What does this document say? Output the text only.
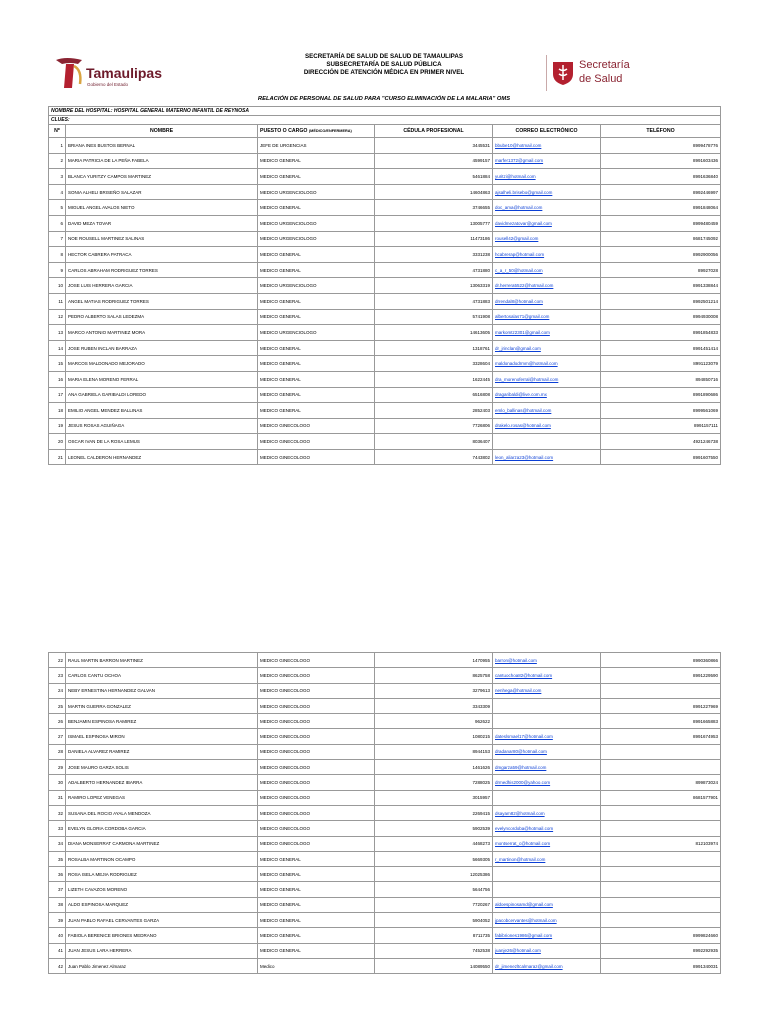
Tamaulipas
Gobierno del Estado
SECRETARÍA DE SALUD DE SALUD DE TAMAULIPAS
SUBSECRETARÍA DE SALUD PÚBLICA
DIRECCIÓN DE ATENCIÓN MÉDICA EN PRIMER NIVEL
Secretaría
de Salud
RELACIÓN DE PERSONAL DE SALUD PARA "CURSO ELIMINACIÓN DE LA MALARIA" OMS
NOMBRE DEL HOSPITAL: HOSPITAL GENERAL MATERNO INFANTIL DE REYNOSA					
CLUES:					
Nº	NOMBRE	PUESTO O CARGO (MÉDICO/ENFERMERA)	CÉDULA PROFESIONAL	CORREO ELECTRÓNICO	TELÉFONO
1	BRIANA INES BUSTOS BERNAL	JEFE DE URGENCIAS	3445531	bbube10@hotmail.com	8999478776
2	MARIA PATRICIA DE LA PEÑA FABELA	MEDICO GENERAL	4599157	marfer1372@gmail.com	8991603436
3	BLANCA YURITZY CAMPOS MARTINEZ	MEDICO GENERAL	5461884	yuritzi@hotmail.com	8991636840
4	SONIA ALHELI BRISEÑO SALAZAR	MEDICO URGENCIOLOGO	14604863	ajsalheli.brisebo@gmail.com	8992446997
5	MIGUEL ANGEL AVALOS NIETO	MEDICO GENERAL	3746655	doc_ama@hotmail.com	8991848064
6	DAVID MEZA TOVAR	MEDICO URGENCIOLOGO	13005777	davidmezatovar@gmail.com	8999480459
7	NOE ROUSELL MARTINEZ SALINAS	MEDICO URGENCIOLOGO	11473186	rousell42@gmail.com	8681745092
8	HECTOR CABRERA PATRACA	MEDICO GENERAL	3331238	hcabrerap@hotmail.com	8992900056
9	CARLOS ABRAHAM RODRIGUEZ TORRES	MEDICO GENERAL	4731880	c_a_r_50@hotmail.com	89927028
10	JOSE LUIS HERRERA GARCIA	MEDICO URGENCIOLOGO	13063319	dr.herrera5522@hotmail.com	8991338844
11	ANGEL MATIAS RODRIGUEZ TORRES	MEDICO GENERAL	4731883	drrendal8@hotmail.com	8992501214
12	PEDRO ALBERTO SALAS LEDEZMA	MEDICO GENERAL	5741908	albertosalas71@gmail.com	8994930008
13	MARCO ANTONIO MARTINEZ MORA	MEDICO URGENCIOLOGO	14613605	markomtz2301@gmail.com	8991854833
14	JOSE RUBEN INCLAN BARRAZA	MEDICO GENERAL	1318761	dr_jrinclan@gmail.com	8991451414
15	MARCOS MALDONADO MEJORADO	MEDICO GENERAL	3328604	maldonadodrmm@hotmail.com	8991123079
16	MARIA ELENA MORENO FERRAL	MEDICO GENERAL	1622445	dra_morenoferral@hotmail.com	894850716
17	ANA GABRIELA GARIBALDI LOREDO	MEDICO GENERAL	6516808	dragaribaldi@live.com.mx	8991890686
18	EMILIO ANGEL MENDEZ BALLINAS	MEDICO GENERAL	2852403	emlo_ballinas@hotmail.com	8999561069
19	JESUS ROSAS AGUIÑAGA	MEDICO GINECOLOGO	7726806	drakelo.rosas@hotmail.com	8991157111
20	OSCAR IVAN DE LA ROSA LEMUS	MEDICO GINECOLOGO	8036407		4921246738
21	LEONEL CALDERON HERNANDEZ	MEDICO GINECOLOGO	7443802	leon_aliarza23@hotmail.com	8991607550
22	RAUL MARTIN BARRON MARTINEZ	MEDICO GINECOLOGO	1470955	barron@hotmail.com	8990360866
23	CARLOS CANTU OCHOA	MEDICO GINECOLOGO	8625758	cantuochoa82@hotmail.com	8991229590
24	NEBY ERNESTINA HERNANDEZ GALVAN	MEDICO GINECOLOGO	3279613	nenhega@hotmail.com	
25	MARTIN GUERRA GONZALEZ	MEDICO GINECOLOGO	3343309		8991227969
26	BENJAMIN ESPINOSA RAMIREZ	MEDICO GINECOLOGO	962622		8991665883
27	ISMAEL ESPINOSA MIRON	MEDICO GINECOLOGO	1080215	dateslsmael17@hotmail.com	8991674953
28	DANIELA ALVAREZ RAMIREZ	MEDICO GINECOLOGO	8944153	dradanar80@hotmail.com	
29	JOSE MAURO GARZA SOLIS	MEDICO GINECOLOGO	1461626	dmgarza59@hotmail.com	
30	ADALBERTO HERNANDEZ IBARRA	MEDICO GINECOLOGO	7288025	drmedhis2000@yahoo.com	899873024
31	RAMIRO LOPEZ VENEGAS	MEDICO GINECOLOGO	3015957		8681577901
32	SUSANA DEL ROCIO AYALA MENDOZA	MEDICO GINECOLOGO	2269415	dsayam82@hotmail.com	
33	EVELYN GLORIA CORDOBA GARCIA	MEDICO GINECOLOGO	5902539	evelyncordoba@hotmail.com	
34	DIANA MONSERRAT CARMONA MARTINEZ	MEDICO GINECOLOGO	4468273	montserrat_c@hotmail.com	812103974
35	ROSALBA MARTINON OCAMPO	MEDICO GENERAL	5669305	r_martinon@hotmail.com	
36	ROSA ISELA MEJIA RODRIGUEZ	MEDICO GENERAL	12025386		
37	LIZETH CAVAZOS MORENO	MEDICO GENERAL	5644756		
38	ALDO ESPINOSA MARQUEZ	MEDICO GENERAL	7720267	aldoespinosamd@gmail.com	
39	JUAN PABLO RAFAEL CERVANTES GARZA	MEDICO GENERAL	5904052	jpacobcervantes@hotmail.com	
40	FABIOLA BERENICE BRIONES MEDRANO	MEDICO GENERAL	8711735	fabibriones1986@gmail.com	8999824660
41	JUAN JESUS LARA HERRERA	MEDICO GENERAL	7452538	juanje26@hotmail.com	8992292935
42	Juan Pablo Jimenez Almaraz	Medico	14089550	dr_jimenezltcalmaraz@gmail.com	8991340031
